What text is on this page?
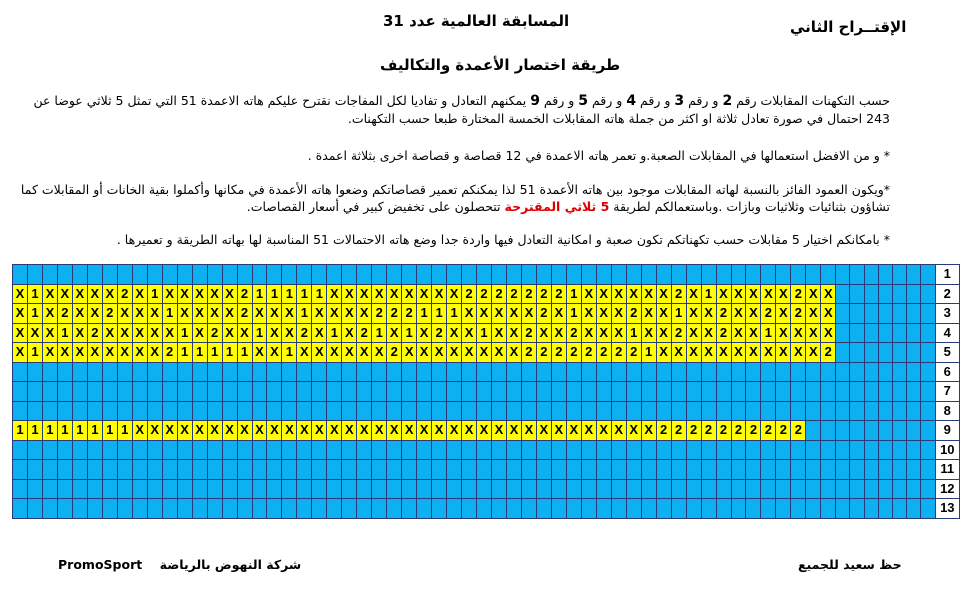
المسابقة العالمية عدد 31	الإقتــراح الثاني
طريقة اختصار الأعمدة والتكاليف
حسب التكهنات المقابلات رقم 2 و رقم 3 و رقم 4 و رقم 5 و رقم 9 يمكنهم التعادل و تفاديا لكل المفاجات نقترح عليكم هاته الاعمدة 51 التي تمثل 5 ثلاثي عوضا عن 243 احتمال في صورة تعادل ثلاثة او اكثر من جملة هاته المقابلات الخمسة المختارة طبعا حسب التكهنات.
* و من الافضل استعمالها في المقابلات الصعبة.و تعمر هاته الاعمدة في 12 قصاصة و قصاصة اخرى بثلاثة اعمدة .
*ويكون العمود الفائز بالنسبة لهاته المقابلات موجود بين هاته الأعمدة 51 لذا يمكنكم تعمير قصاصاتكم وضعوا هاته الأعمدة في مكانها وأكملوا بقية الخانات أو المقابلات كما تشاؤون بثنائيات وثلاثيات وبازات .وباستعمالكم لطريقة 5 ثلاثي المقترحة تتحصلون على تخفيض كبير في أسعار القصاصات.
* بامكانكم اختيار 5 مقابلات حسب تكهناتكم تكون صعبة و امكانية التعادل فيها واردة جدا وضع هاته الاحتمالات 51 المناسبة لها بهاته الطريقة و تعميرها .
																																																														1
X	1	X	X	X	X	X	2	X	1	X	X	X	X	X	2	1	1	1	1	1	X	X	X	X	X	X	X	X	X	2	2	2	2	2	2	2	1	X	X	X	X	X	X	2	X	1	X	X	X	X	X	2	X	X								2
X	1	X	2	X	X	2	X	X	X	1	X	X	X	X	2	X	X	X	1	X	X	X	X	2	2	2	1	1	1	X	X	X	X	X	2	X	1	X	X	X	2	X	X	1	X	X	2	X	X	2	X	2	X	X								3
X	X	X	1	X	2	X	X	X	X	X	1	X	2	X	X	1	X	X	2	X	1	X	2	1	X	1	X	2	X	X	1	X	X	2	X	X	2	X	X	X	1	X	X	2	X	X	2	X	X	1	X	X	X	X								4
X	1	X	X	X	X	X	X	X	X	2	1	1	1	1	1	X	X	1	X	X	X	X	X	X	2	X	X	X	X	X	X	X	X	2	2	2	2	2	2	2	2	1	X	X	X	X	X	X	X	X	X	X	X	2								5
																																																														6
																																																														7
																																																														8
1	1	1	1	1	1	1	1	X	X	X	X	X	X	X	X	X	X	X	X	X	X	X	X	X	X	X	X	X	X	X	X	X	X	X	X	X	X	X	X	X	X	X	2	2	2	2	2	2	2	2	2	2										9
																																																														10
																																																														11
																																																														12
																																																														13
حظ سعيد للجميع
PromoSport شركة النهوض بالرياضة
